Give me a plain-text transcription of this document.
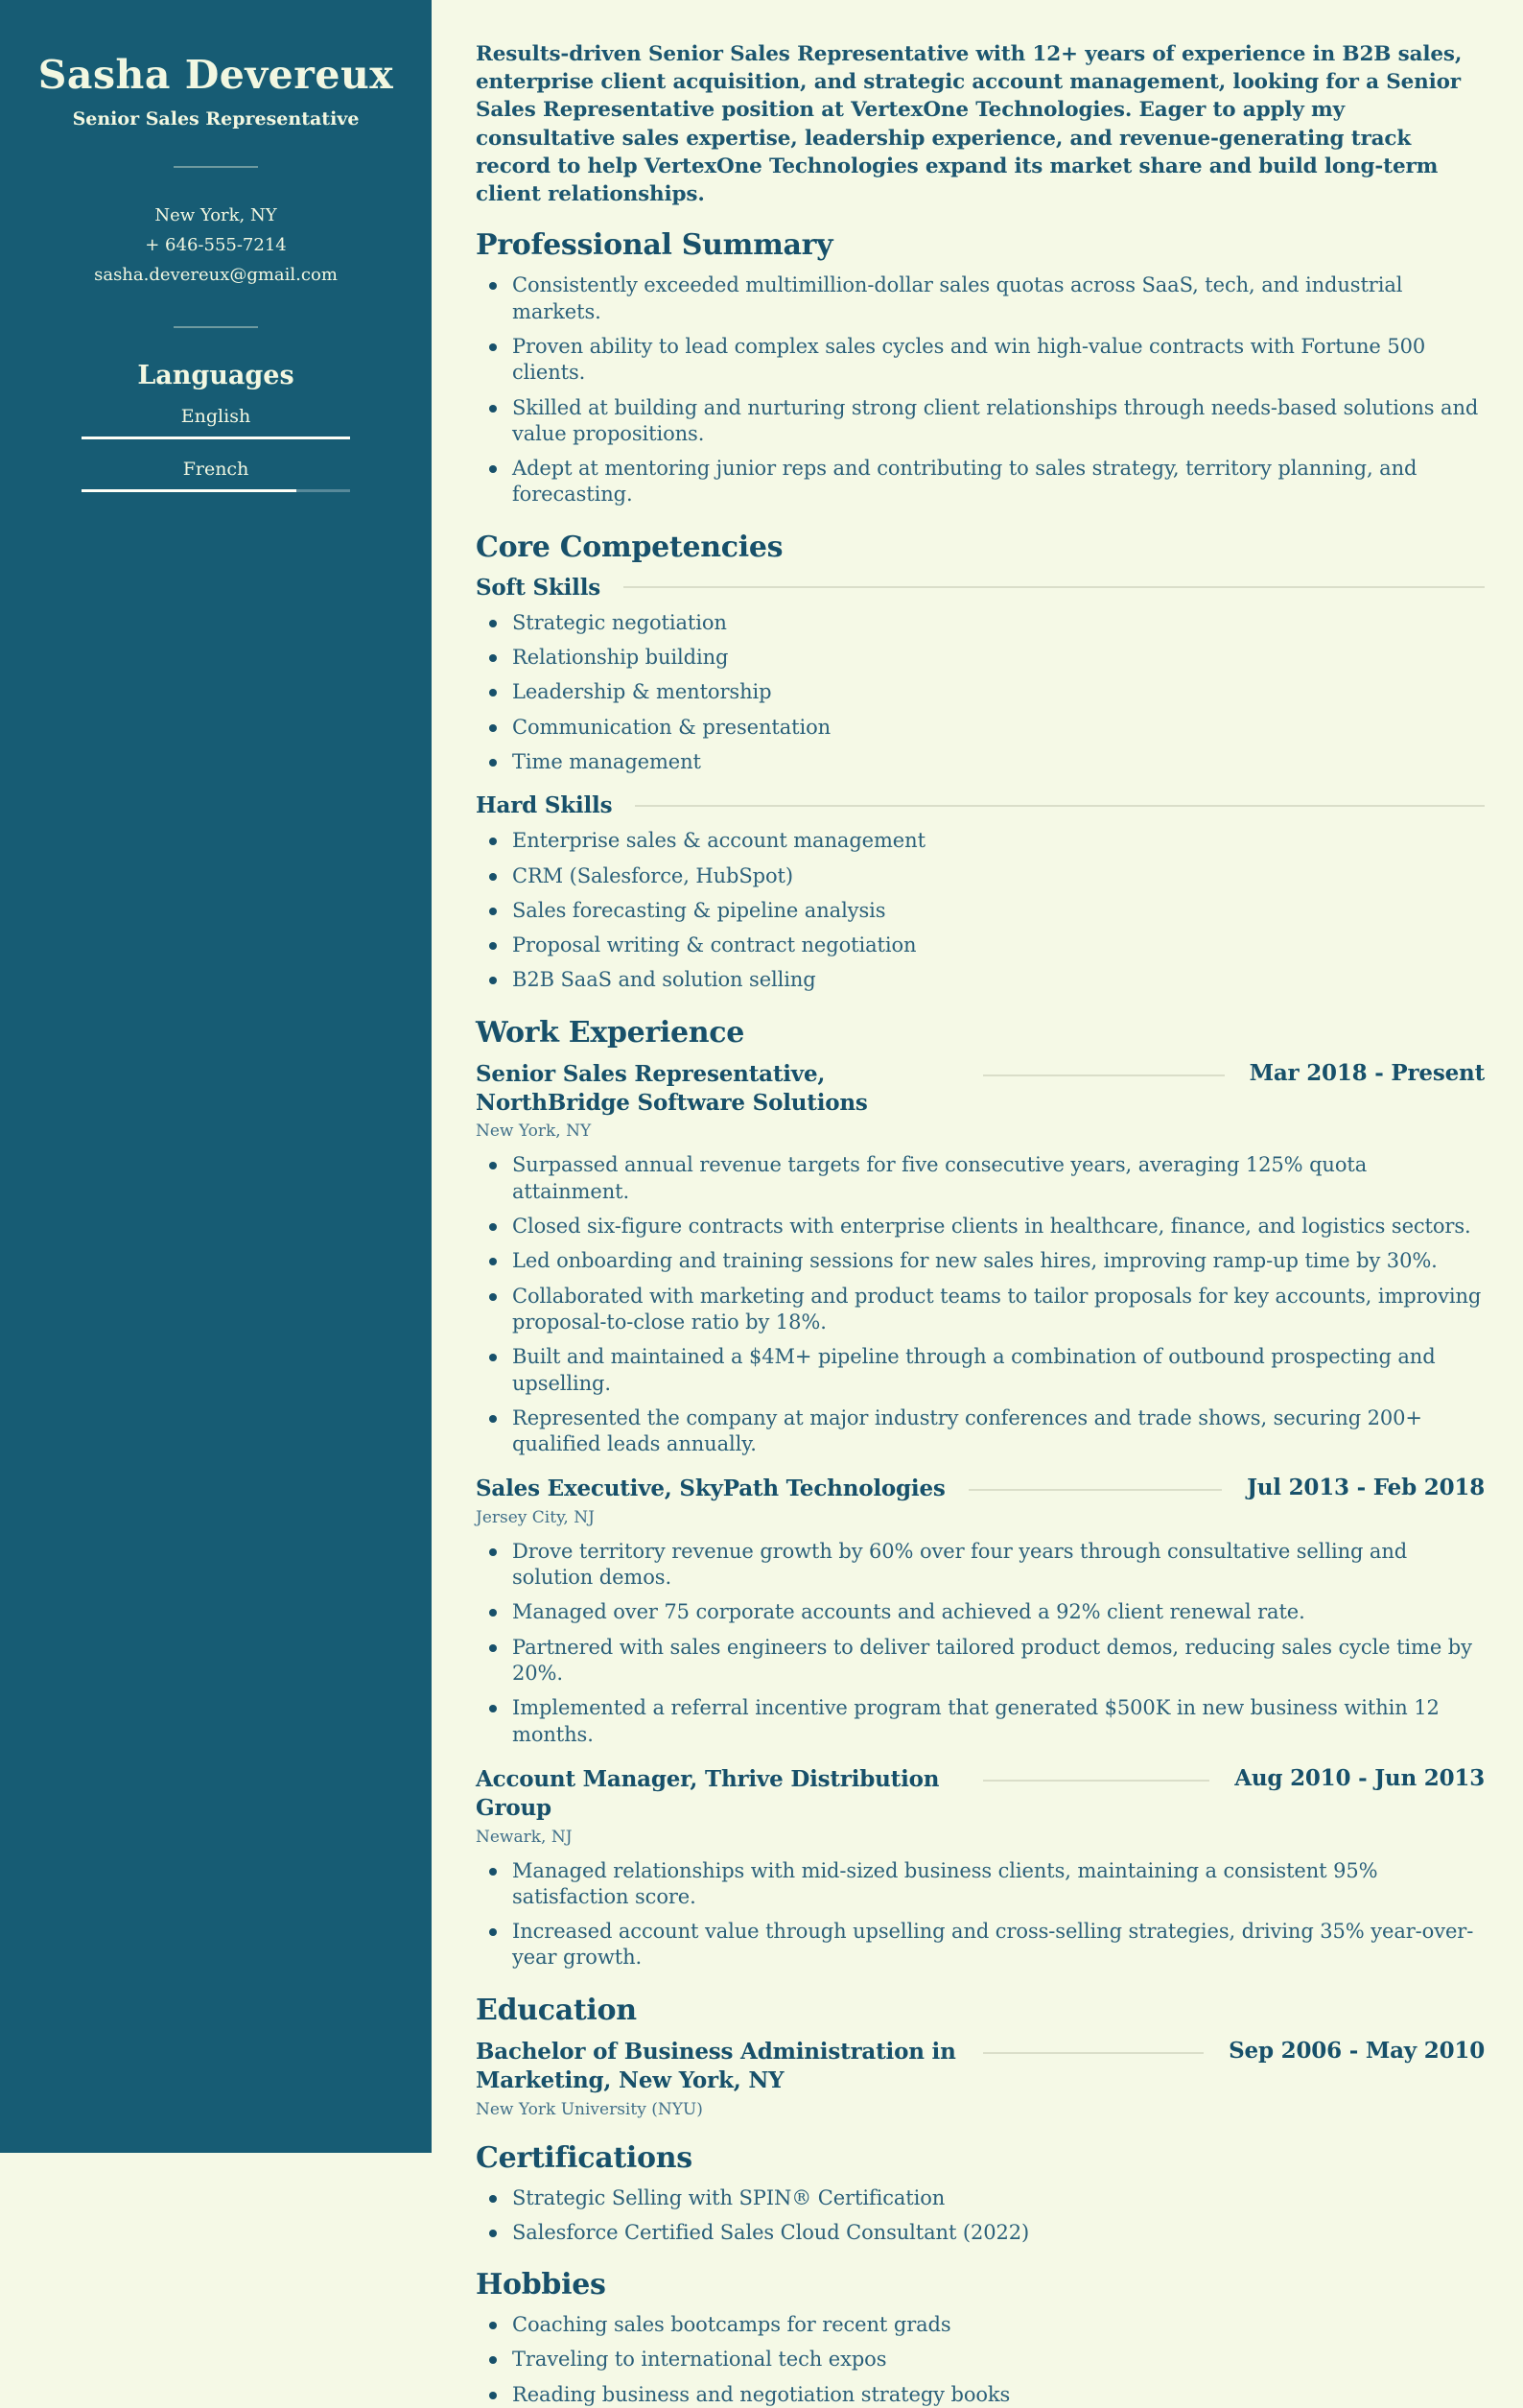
Sasha Devereux
Senior Sales Representative
New York, NY
+ 646-555-7214
sasha.devereux@gmail.com
Languages
English
French

Results-driven Senior Sales Representative with 12+ years of experience in B2B sales, enterprise client acquisition, and strategic account management, looking for a Senior Sales Representative position at VertexOne Technologies. Eager to apply my consultative sales expertise, leadership experience, and revenue-generating track record to help VertexOne Technologies expand its market share and build long-term client relationships.

Professional Summary
Consistently exceeded multimillion-dollar sales quotas across SaaS, tech, and industrial markets.
Proven ability to lead complex sales cycles and win high-value contracts with Fortune 500 clients.
Skilled at building and nurturing strong client relationships through needs-based solutions and value propositions.
Adept at mentoring junior reps and contributing to sales strategy, territory planning, and forecasting.
Core Competencies
Soft Skills
Strategic negotiation
Relationship building
Leadership & mentorship
Communication & presentation
Time management
Hard Skills
Enterprise sales & account management
CRM (Salesforce, HubSpot)
Sales forecasting & pipeline analysis
Proposal writing & contract negotiation
B2B SaaS and solution selling
Work Experience
Senior Sales Representative, NorthBridge Software Solutions
Mar 2018 - Present
New York, NY
Surpassed annual revenue targets for five consecutive years, averaging 125% quota attainment.
Closed six-figure contracts with enterprise clients in healthcare, finance, and logistics sectors.
Led onboarding and training sessions for new sales hires, improving ramp-up time by 30%.
Collaborated with marketing and product teams to tailor proposals for key accounts, improving proposal-to-close ratio by 18%.
Built and maintained a $4M+ pipeline through a combination of outbound prospecting and upselling.
Represented the company at major industry conferences and trade shows, securing 200+ qualified leads annually.
Sales Executive, SkyPath Technologies	Jul 2013 - Feb 2018
Jersey City, NJ
Drove territory revenue growth by 60% over four years through consultative selling and solution demos.
Managed over 75 corporate accounts and achieved a 92% client renewal rate.
Partnered with sales engineers to deliver tailored product demos, reducing sales cycle time by 20%.
Implemented a referral incentive program that generated $500K in new business within 12 months.
Account Manager, Thrive Distribution Group
Aug 2010 - Jun 2013
Newark, NJ
Managed relationships with mid-sized business clients, maintaining a consistent 95% satisfaction score.
Increased account value through upselling and cross-selling strategies, driving 35% year-over-year growth.
Education
Bachelor of Business Administration in Marketing, New York, NY
Sep 2006 - May 2010
New York University (NYU)
Certifications
Strategic Selling with SPIN® Certification
Salesforce Certified Sales Cloud Consultant (2022)
Hobbies
Coaching sales bootcamps for recent grads
Traveling to international tech expos
Reading business and negotiation strategy books
